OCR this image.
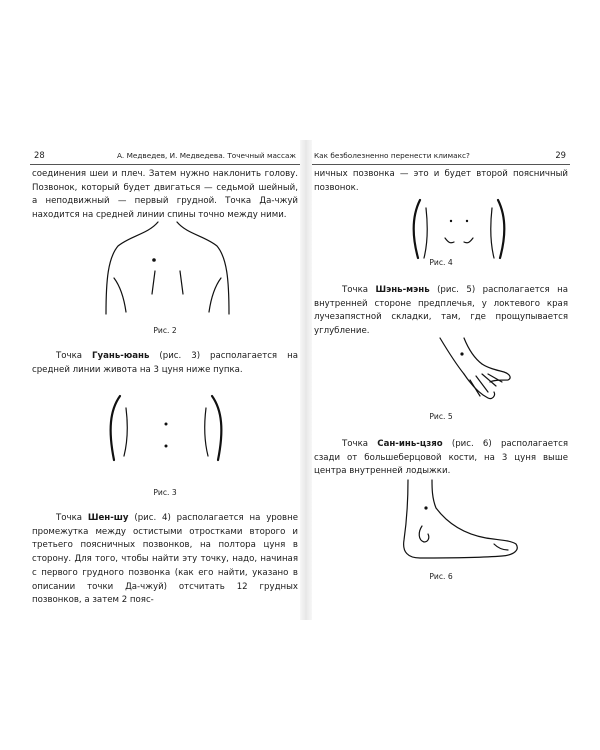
28	А. Медведев, И. Медведева. Точечный массаж

соединения шеи и плеч. Затем нужно наклонить голову. Позвонок, который будет двигаться — седьмой шейный, а неподвижный — первый грудной. Точка Да-чжуй находится на средней линии спины точно между ними.

Рис. 2

Точка Гуань-юань (рис. 3) располагается на средней линии живота на 3 цуня ниже пупка.

Рис. 3

Точка Шен-шу (рис. 4) располагается на уровне промежутка между остистыми отростками второго и третьего поясничных позвонков, на полтора цуня в сторону. Для того, чтобы найти эту точку, надо, начиная с первого грудного позвонка (как его найти, указано в описании точки Да-чжуй) отсчитать 12 грудных позвонков, а затем 2 пояс-

Как безболезненно перенести климакс?	29

ничных позвонка — это и будет второй поясничный позвонок.

Рис. 4

Точка Шэнь-мэнь (рис. 5) располагается на внутренней стороне предплечья, у локтевого края лучезапястной складки, там, где прощупывается углубление.

Рис. 5

Точка Сан-инь-цзяо (рис. 6) располагается сзади от большеберцовой кости, на 3 цуня выше центра внутренней лодыжки.

Рис. 6
